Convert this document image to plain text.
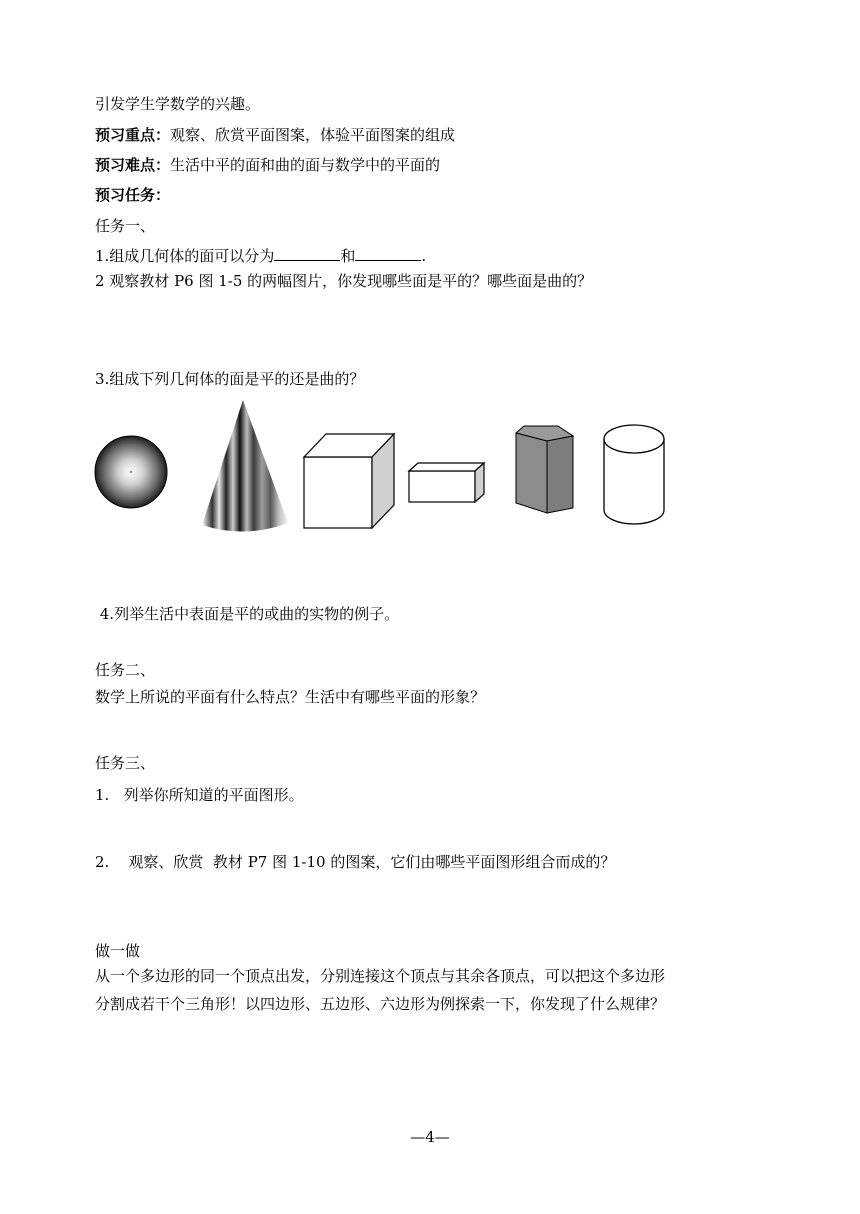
引发学生学数学的兴趣。
预习重点：观察、欣赏平面图案，体验平面图案的组成
预习难点：生活中平的面和曲的面与数学中的平面的
预习任务：
任务一、
1.组成几何体的面可以分为	和	.
2 观察教材 P6 图 1-5 的两幅图片，你发现哪些面是平的？哪些面是曲的？
3.组成下列几何体的面是平的还是曲的？
4.列举生活中表面是平的或曲的实物的例子。
任务二、
数学上所说的平面有什么特点？生活中有哪些平面的形象？
任务三、
1.   列举你所知道的平面图形。
2.    观察、欣赏  教材 P7 图 1-10 的图案，它们由哪些平面图形组合而成的？
做一做
从一个多边形的同一个顶点出发，分别连接这个顶点与其余各顶点，可以把这个多边形
分割成若干个三角形！以四边形、五边形、六边形为例探索一下，你发现了什么规律？
—4—
